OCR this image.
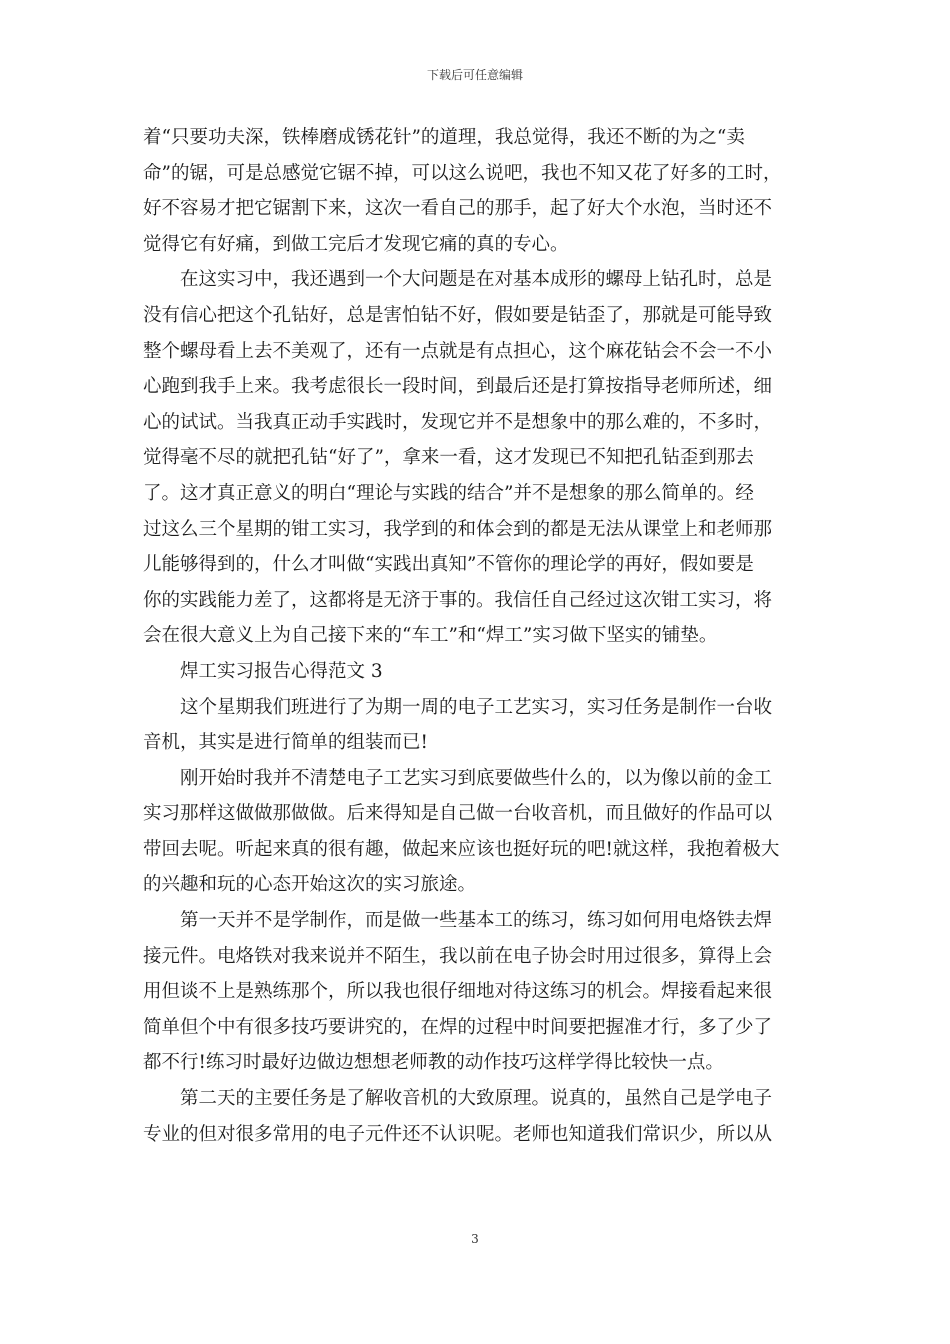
下载后可任意编辑
着“只要功夫深，铁棒磨成锈花针”的道理，我总觉得，我还不断的为之“卖
命”的锯，可是总感觉它锯不掉，可以这么说吧，我也不知又花了好多的工时，
好不容易才把它锯割下来，这次一看自己的那手，起了好大个水泡，当时还不
觉得它有好痛，到做工完后才发现它痛的真的专心。
　　在这实习中，我还遇到一个大问题是在对基本成形的螺母上钻孔时，总是
没有信心把这个孔钻好，总是害怕钻不好，假如要是钻歪了，那就是可能导致
整个螺母看上去不美观了，还有一点就是有点担心，这个麻花钻会不会一不小
心跑到我手上来。我考虑很长一段时间，到最后还是打算按指导老师所述，细
心的试试。当我真正动手实践时，发现它并不是想象中的那么难的，不多时，
觉得毫不尽的就把孔钻“好了”，拿来一看，这才发现已不知把孔钻歪到那去
了。这才真正意义的明白“理论与实践的结合”并不是想象的那么简单的。经
过这么三个星期的钳工实习，我学到的和体会到的都是无法从课堂上和老师那
儿能够得到的，什么才叫做“实践出真知”不管你的理论学的再好，假如要是
你的实践能力差了，这都将是无济于事的。我信任自己经过这次钳工实习，将
会在很大意义上为自己接下来的“车工”和“焊工”实习做下坚实的铺垫。
　　焊工实习报告心得范文 3
　　这个星期我们班进行了为期一周的电子工艺实习，实习任务是制作一台收
音机，其实是进行简单的组装而已!
　　刚开始时我并不清楚电子工艺实习到底要做些什么的，以为像以前的金工
实习那样这做做那做做。后来得知是自己做一台收音机，而且做好的作品可以
带回去呢。听起来真的很有趣，做起来应该也挺好玩的吧!就这样，我抱着极大
的兴趣和玩的心态开始这次的实习旅途。
　　第一天并不是学制作，而是做一些基本工的练习，练习如何用电烙铁去焊
接元件。电烙铁对我来说并不陌生，我以前在电子协会时用过很多，算得上会
用但谈不上是熟练那个，所以我也很仔细地对待这练习的机会。焊接看起来很
简单但个中有很多技巧要讲究的，在焊的过程中时间要把握准才行，多了少了
都不行!练习时最好边做边想想老师教的动作技巧这样学得比较快一点。
　　第二天的主要任务是了解收音机的大致原理。说真的，虽然自己是学电子
专业的但对很多常用的电子元件还不认识呢。老师也知道我们常识少，所以从
3
